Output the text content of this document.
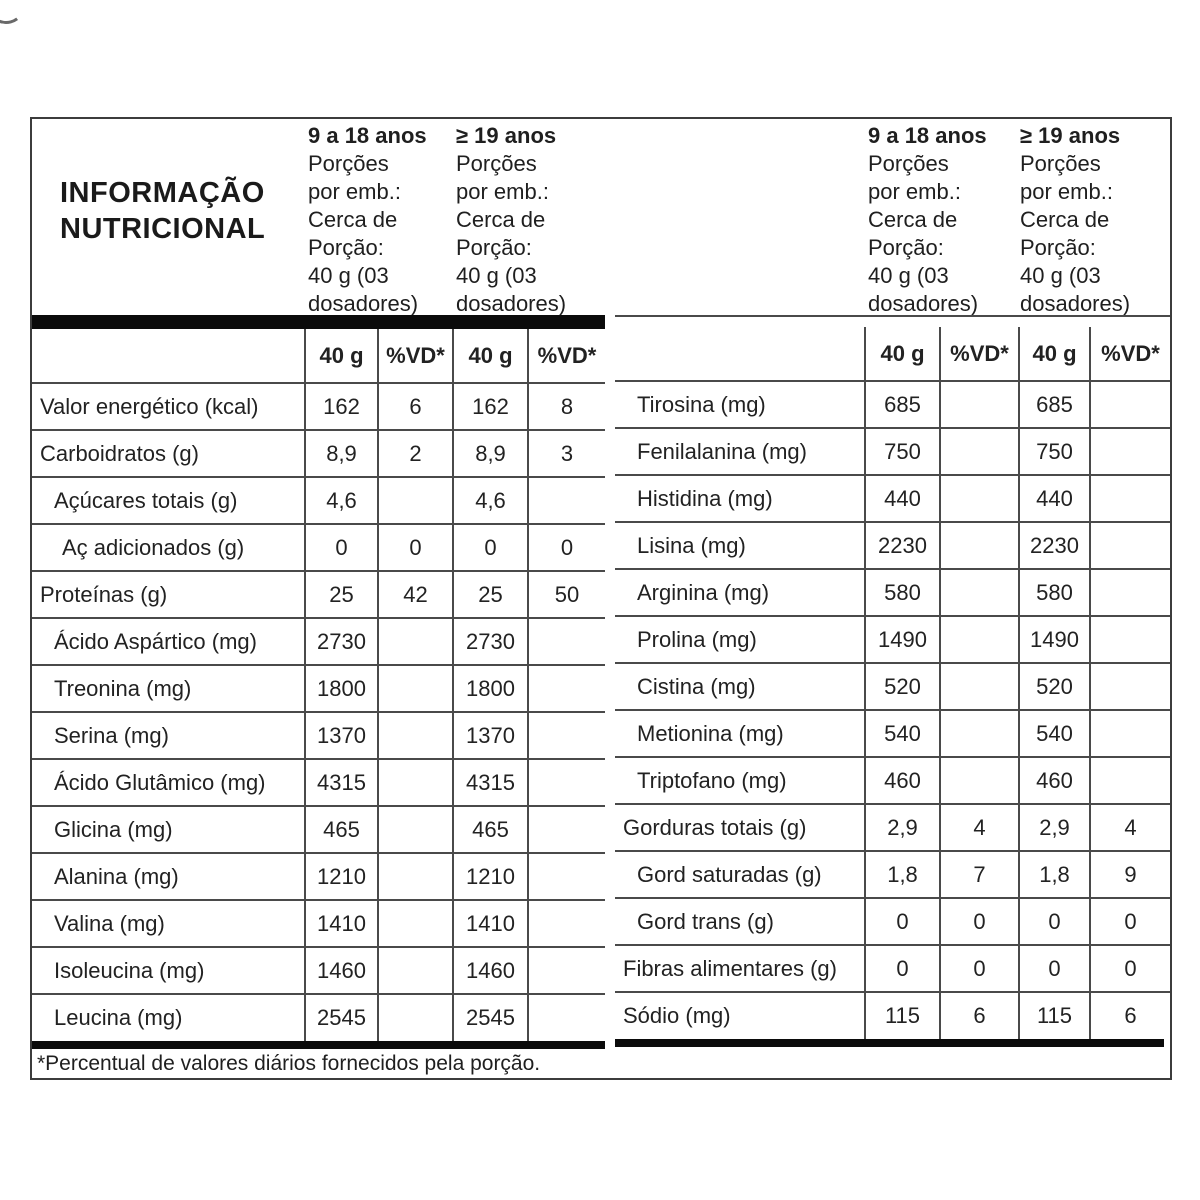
INFORMAÇÃO NUTRICIONAL
9 a 18 anos
Porções
por emb.:
Cerca de
Porção:
40 g (03
dosadores)
≥ 19 anos
Porções
por emb.:
Cerca de
Porção:
40 g (03
dosadores)
	40 g	%VD*	40 g	%VD*
Valor energético (kcal)	162	6	162	8
Carboidratos (g)	8,9	2	8,9	3
Açúcares totais (g)	4,6		4,6	
Aç adicionados (g)	0	0	0	0
Proteínas (g)	25	42	25	50
Ácido Aspártico (mg)	2730		2730	
Treonina (mg)	1800		1800	
Serina (mg)	1370		1370	
Ácido Glutâmico (mg)	4315		4315	
Glicina (mg)	465		465	
Alanina (mg)	1210		1210	
Valina (mg)	1410		1410	
Isoleucina (mg)	1460		1460	
Leucina (mg)	2545		2545	
9 a 18 anos
Porções
por emb.:
Cerca de
Porção:
40 g (03
dosadores)
≥ 19 anos
Porções
por emb.:
Cerca de
Porção:
40 g (03
dosadores)
	40 g	%VD*	40 g	%VD*
Tirosina (mg)	685		685	
Fenilalanina (mg)	750		750	
Histidina (mg)	440		440	
Lisina (mg)	2230		2230	
Arginina (mg)	580		580	
Prolina (mg)	1490		1490	
Cistina (mg)	520		520	
Metionina (mg)	540		540	
Triptofano (mg)	460		460	
Gorduras totais (g)	2,9	4	2,9	4
Gord saturadas (g)	1,8	7	1,8	9
Gord trans (g)	0	0	0	0
Fibras alimentares (g)	0	0	0	0
Sódio (mg)	115	6	115	6
*Percentual de valores diários fornecidos pela porção.
